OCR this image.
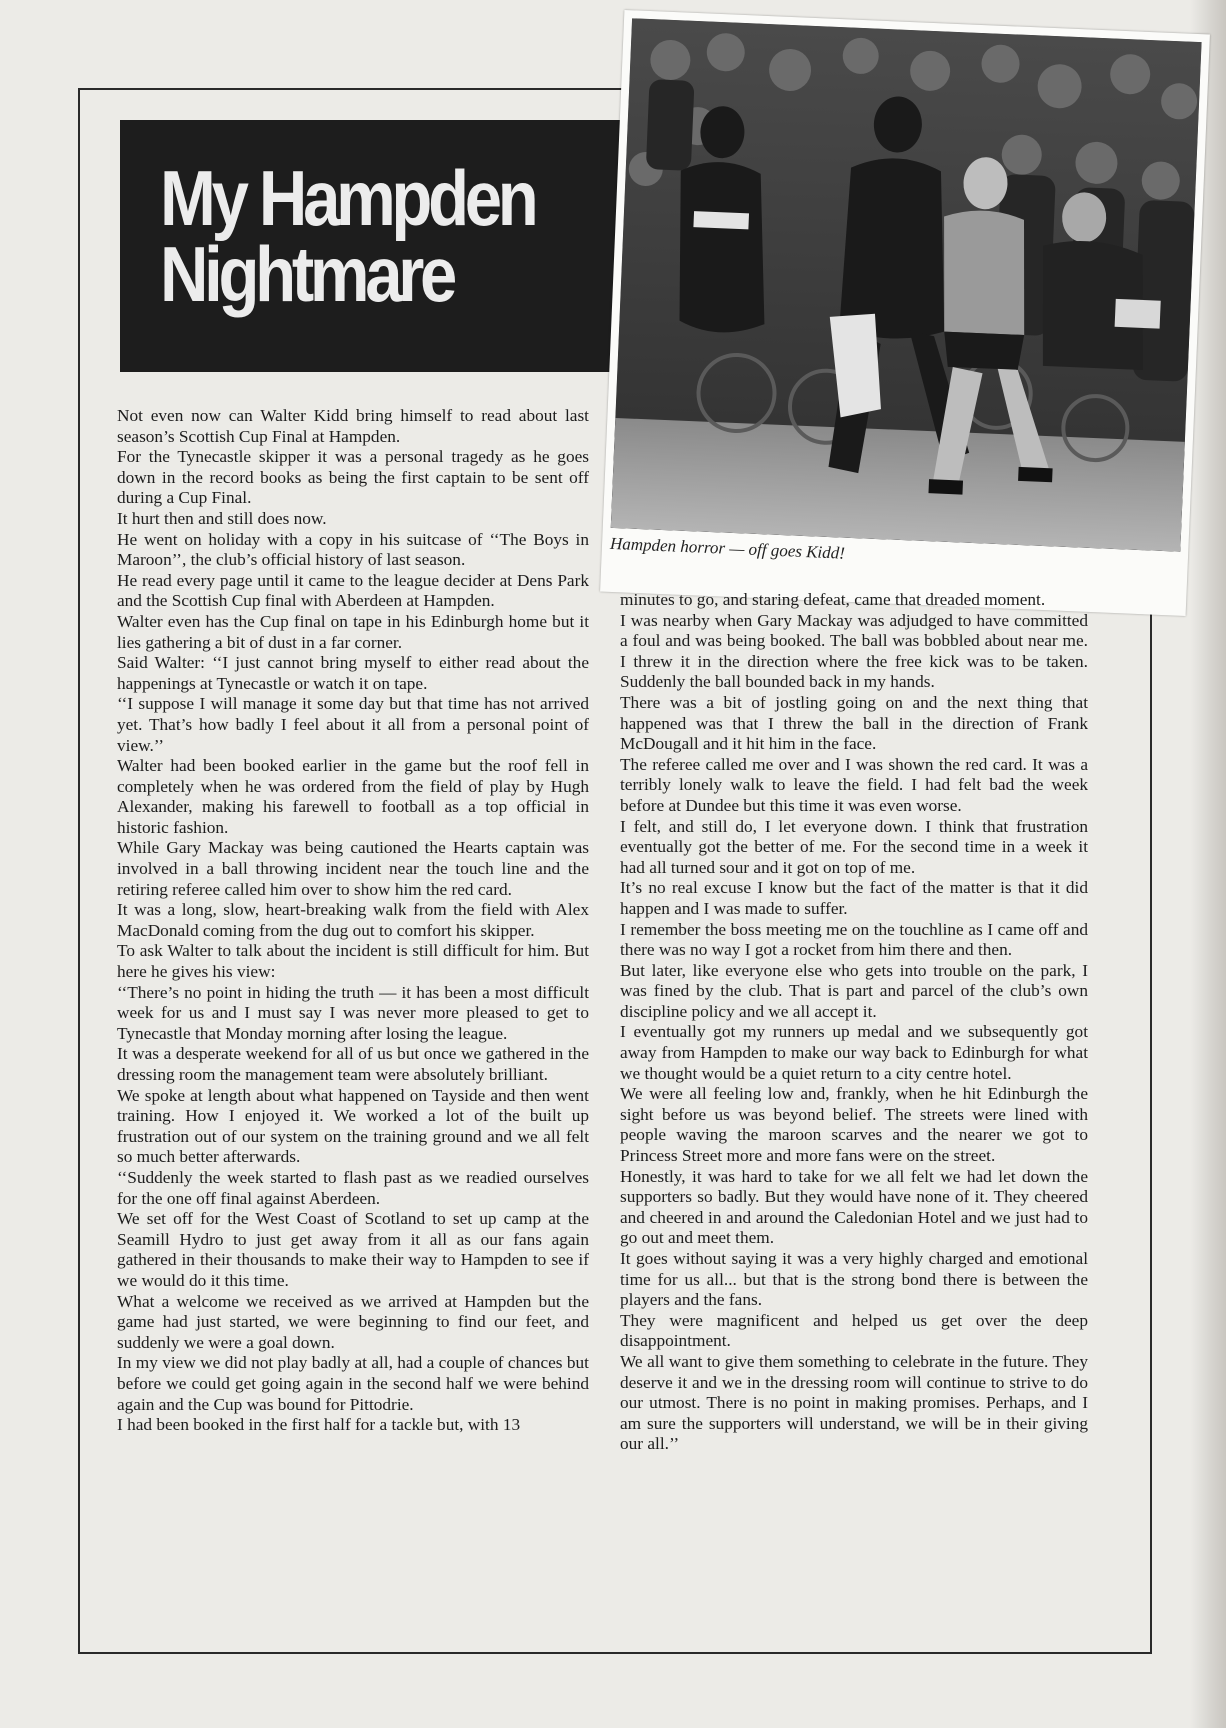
My Hampden
Nightmare
Hampden horror — off goes Kidd!

Not even now can Walter Kidd bring himself to read about last season’s Scottish Cup Final at Hampden.

For the Tynecastle skipper it was a personal tragedy as he goes down in the record books as being the first captain to be sent off during a Cup Final.

It hurt then and still does now.

He went on holiday with a copy in his suitcase of ‘‘The Boys in Maroon’’, the club’s official history of last season.

He read every page until it came to the league decider at Dens Park and the Scottish Cup final with Aberdeen at Hampden.

Walter even has the Cup final on tape in his Edinburgh home but it lies gathering a bit of dust in a far corner.

Said Walter: ‘‘I just cannot bring myself to either read about the happenings at Tynecastle or watch it on tape.

‘‘I suppose I will manage it some day but that time has not arrived yet. That’s how badly I feel about it all from a personal point of view.’’

Walter had been booked earlier in the game but the roof fell in completely when he was ordered from the field of play by Hugh Alexander, making his farewell to football as a top official in historic fashion.

While Gary Mackay was being cautioned the Hearts captain was involved in a ball throwing incident near the touch line and the retiring referee called him over to show him the red card.

It was a long, slow, heart-breaking walk from the field with Alex MacDonald coming from the dug out to comfort his skipper.

To ask Walter to talk about the incident is still difficult for him. But here he gives his view:

‘‘There’s no point in hiding the truth — it has been a most difficult week for us and I must say I was never more pleased to get to Tynecastle that Monday morning after losing the league.

It was a desperate weekend for all of us but once we gathered in the dressing room the management team were absolutely brilliant.

We spoke at length about what happened on Tayside and then went training. How I enjoyed it. We worked a lot of the built up frustration out of our system on the training ground and we all felt so much better afterwards.

‘‘Suddenly the week started to flash past as we readied ourselves for the one off final against Aberdeen.

We set off for the West Coast of Scotland to set up camp at the Seamill Hydro to just get away from it all as our fans again gathered in their thousands to make their way to Hampden to see if we would do it this time.

What a welcome we received as we arrived at Hampden but the game had just started, we were beginning to find our feet, and suddenly we were a goal down.

In my view we did not play badly at all, had a couple of chances but before we could get going again in the second half we were behind again and the Cup was bound for Pittodrie.

I had been booked in the first half for a tackle but, with 13

minutes to go, and staring defeat, came that dreaded moment.

I was nearby when Gary Mackay was adjudged to have committed a foul and was being booked. The ball was bobbled about near me. I threw it in the direction where the free kick was to be taken. Suddenly the ball bounded back in my hands.

There was a bit of jostling going on and the next thing that happened was that I threw the ball in the direction of Frank McDougall and it hit him in the face.

The referee called me over and I was shown the red card. It was a terribly lonely walk to leave the field. I had felt bad the week before at Dundee but this time it was even worse.

I felt, and still do, I let everyone down. I think that frustration eventually got the better of me. For the second time in a week it had all turned sour and it got on top of me.

It’s no real excuse I know but the fact of the matter is that it did happen and I was made to suffer.

I remember the boss meeting me on the touchline as I came off and there was no way I got a rocket from him there and then.

But later, like everyone else who gets into trouble on the park, I was fined by the club. That is part and parcel of the club’s own discipline policy and we all accept it.

I eventually got my runners up medal and we subsequently got away from Hampden to make our way back to Edinburgh for what we thought would be a quiet return to a city centre hotel.

We were all feeling low and, frankly, when he hit Edinburgh the sight before us was beyond belief. The streets were lined with people waving the maroon scarves and the nearer we got to Princess Street more and more fans were on the street.

Honestly, it was hard to take for we all felt we had let down the supporters so badly. But they would have none of it. They cheered and cheered in and around the Caledonian Hotel and we just had to go out and meet them.

It goes without saying it was a very highly charged and emotional time for us all... but that is the strong bond there is between the players and the fans.

They were magnificent and helped us get over the deep disappointment.

We all want to give them something to celebrate in the future. They deserve it and we in the dressing room will continue to strive to do our utmost. There is no point in making promises. Perhaps, and I am sure the supporters will understand, we will be in their giving our all.’’
